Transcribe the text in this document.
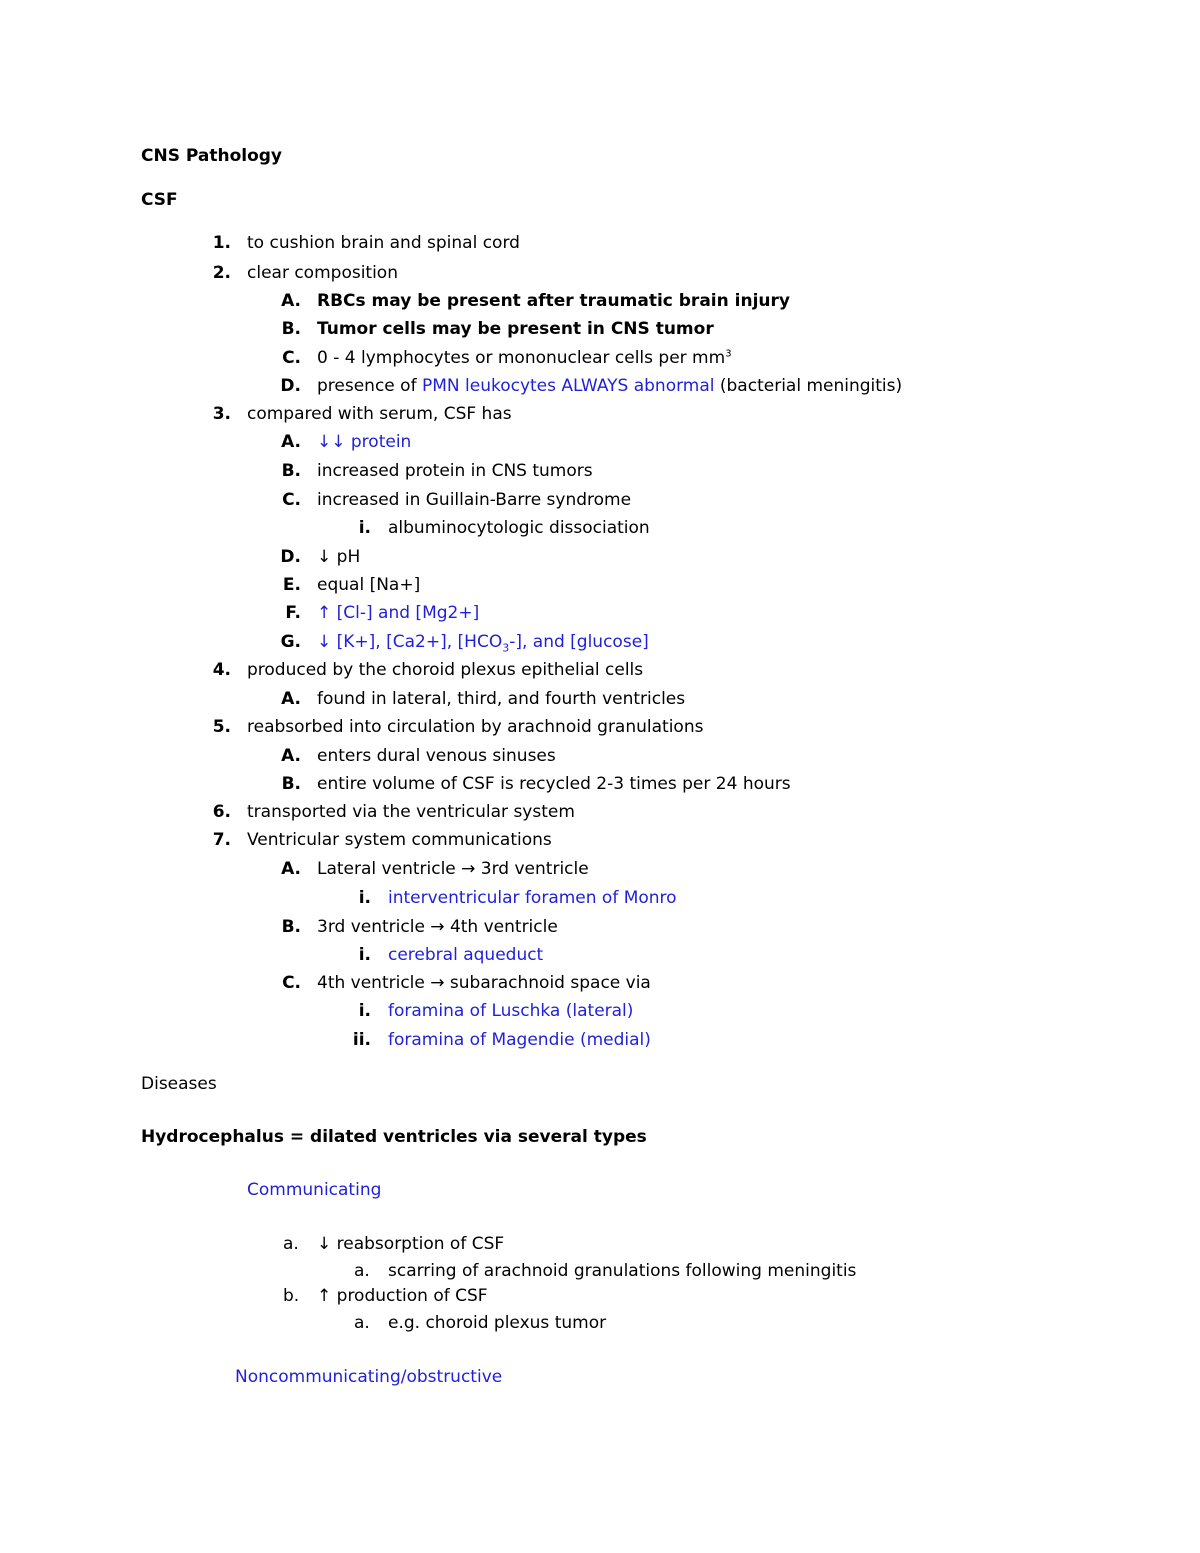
CNS Pathology
CSF
1. to cushion brain and spinal cord
2. clear composition
A. RBCs may be present after traumatic brain injury
B. Tumor cells may be present in CNS tumor
C. 0 - 4 lymphocytes or mononuclear cells per $mm^3$
D. presence of PMN leukocytes ALWAYS abnormal (bacterial meningitis)
3. compared with serum, CSF has
A. ↓↓ protein
B. increased protein in CNS tumors
C. increased in Guillain-Barre syndrome
i. albuminocytologic dissociation
D. ↓ pH
E. equal [Na+]
F. ↑ [Cl-] and [Mg2+]
G. ↓ [K+], [Ca2+], $[HCO_3-]$, and [glucose]
4. produced by the choroid plexus epithelial cells
A. found in lateral, third, and fourth ventricles
5. reabsorbed into circulation by arachnoid granulations
A. enters dural venous sinuses
B. entire volume of CSF is recycled 2-3 times per 24 hours
6. transported via the ventricular system
7. Ventricular system communications
A. Lateral ventricle → 3rd ventricle
i. interventricular foramen of Monro
B. 3rd ventricle → 4th ventricle
i. cerebral aqueduct
C. 4th ventricle → subarachnoid space via
i. foramina of Luschka (lateral)
ii. foramina of Magendie (medial)
Diseases
Hydrocephalus = dilated ventricles via several types
Communicating
a. ↓ reabsorption of CSF
a. scarring of arachnoid granulations following meningitis
b. ↑ production of CSF
a. e.g. choroid plexus tumor
Noncommunicating/obstructive
